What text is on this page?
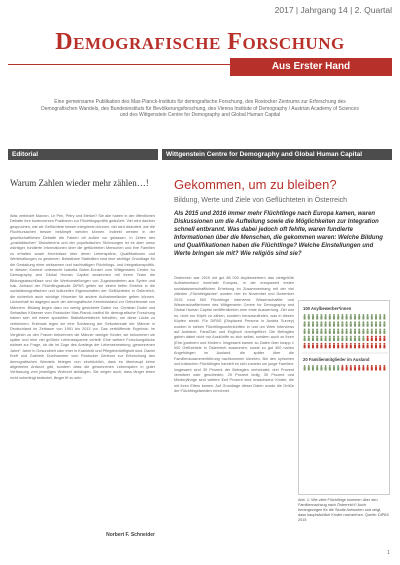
2017 | Jahrgang 14 | 2. Quartal
Demografische Forschung
Aus Erster Hand
Eine gemeinsame Publikation des Max-Planck-Instituts für demografische Forschung, des Rostocker Zentrums zur Erforschung des Demografischen Wandels, des Bundesinstituts für Bevölkerungsforschung, des Vienna Institute of Demography / Austrian Academy of Sciences und des Wittgenstein Centre for Demography and Global Human Capital
Editorial	Wittgenstein Centre for Demography and Global Human Capital
Warum Zahlen wieder mehr zählen…!
Was verbindet Macron, Le Pen, Petry und Merkel? Sie alle haben in der öffentlichen Debatte ihre kontroversen Positionen zur Flüchtlingspolitik geäußert. Viel wird darüber gesprochen, wie wir Geflüchtete besser integrieren können, viel wird diskutiert, wie die Fluchtursachen besser bekämpft werden können. Indirekt werden in der gesellschaftlichen Debatte die Fakten oft außen vor gelassen. In Zeiten des „postfaktischen“ Diskutierens und der populistischen Strömungen ist es aber umso wichtiger, fundierte Informationen über die geflüchteten Menschen und ihre Familien zu erhalten sowie Kenntnisse über deren Lebenspläne, Qualifikationen und Wertehaltungen zu gewinnen. Belastbare Statistiken sind eine wichtige Grundlage für die Gestaltung einer wirksamen und nachhaltigen Flüchtlings- und Integrationspolitik. In diesem Kontext untersucht Isabella Buber-Ennser vom Wittgenstein Centre for Demography and Global Human Capital zusammen mit ihrem Team die Bildungsabschlüsse und die Wertvorstellungen von Zugewanderten aus Syrien und Irak. Anhand der Flüchtlingsstudie DiPAS gelten sie einem tiefen Einblick in die sozialdemografischen und kulturellen Eigenschaften der Geflüchteten in Österreich, die sicherlich auch wichtige Hinweise für andere Aufnahmeländer geben können. Lückenhaft ist dagegen auch der demografische Kenntnisstand zur Geburtenrate von Männern. Bislang liegen dazu nur wenig gesicherte Daten vor. Christian Dudel und Sebastian Klüsener vom Rostocker Max-Planck-Institut für demografische Forschung haben sich mit einem speziellen Statistikverfahren beholfen, um diese Lücke zu verkleinern. Erstmals legen sie eine Schätzung der Geburtenrate der Männer in Deutschland im Zeitraum von 1991 bis 2013 vor. Das verblüffende Ergebnis: Im Vergleich zu den Frauen bekommen die Männer weniger Kinder, sie bekommen sie später und eine viel größere Lebenssspanne verteilt. Eine weitere Forschungslücke widmet zur Frage, ob die im Zuge des Anstiegs der Lebenserwartung „gewonnenen Jahre“ Jahre in Gesundheit oder eher in Krankheit und Pflegebedürftigkeit sind. Daniel Kreft und Gabriele Doblhammer vom Rostocker Zentrum zur Erforschung des demografischen Wandels belegen nun eindrücklich, dass es überhaupt keine allgemeine Antwort gibt, sondern dass die gewonnenen Lebensjahre in guter Verfassung vom jeweiligen Wohnort abhängen. Sie zeigen auch, dass länger leben nicht unbedingt bedeutet, länger fit zu sein.
Norbert F. Schneider
Gekommen, um zu bleiben?
Bildung, Werte und Ziele von Geflüchteten in Österreich
Als 2015 und 2016 immer mehr Flüchtlinge nach Europa kamen, waren Diskussionen um die Aufteilung sowie die Möglichkeiten zur Integration schnell entbrannt. Was dabei jedoch oft fehlte, waren fundierte Informationen über die Menschen, die gekommen waren: Welche Bildung und Qualifikationen haben die Flüchtlinge? Welche Einstellungen und Werte bringen sie mit? Wie religiös sind sie?
Österreich war 2015 mit gut 88 000 Asylbewerbern das viertgrößte Aufnahmeland innerhalb Europas, in der europaweit ersten sozialwissenschaftlichen Erhebung im Zusammenhang mit der viel zitierten „Flüchtlingskrise“ wurden hier im November und Dezember 2015 rund 500 Flüchtlinge interviewt. Wissenschaftler und Wissenschaftlerinnen des Wittgenstein Centre for Demography and Global Human Capital veröffentlichten eine erste Auswertung. Ziel war es, nicht nur Köpfe zu zählen, sondern herauszufinden, was in diesen Köpfen steckt. Für DiPAS (Displaced Persons in Austria Survey) wurden in sieben Flüchtlingsunterkünften in und um Wien Interviews auf Arabisch, Farsi/Dari und Englisch durchgeführt. Die Befragten gaben dabei nicht nur Auskünfte zu sich selbst, sondern auch zu ihren (Ehe-)partnern und Kindern. Insgesamt kamen so Daten über knapp 1 000 Geflüchtete in Österreich zusammen, sowie zu gut 400 nahen Angehörigen im Ausland, die später über die Familienzusammenführung nachkommen könnten. Bei den syrischen und irakischen Flüchtlingen handelt es sich zumeist um junge Familien: Insgesamt sind 39 Prozent der Befragten verheiratet; drei Prozent verwitwet oder geschieden, 25 Prozent ledig, 30 Prozent und Minderjährige sind weitere fünf Prozent sind erwachsene Kinder, die mit ihren Eltern kamen. Auf Grundlage dieser Daten wurde die Größe der Flüchtlingsfamilien errechnet.
100 Asylbewerber*innen
20 Familienmitglieder im Ausland
Abb. 1: Wie viele Flüchtlinge kommen über den Familiennachzug nach Österreich? Auch herangezogen für die Studie Antworten und zeigt, dass hauptsächlich Kinder nachziehen. Quelle: DiPAS 2015
1
